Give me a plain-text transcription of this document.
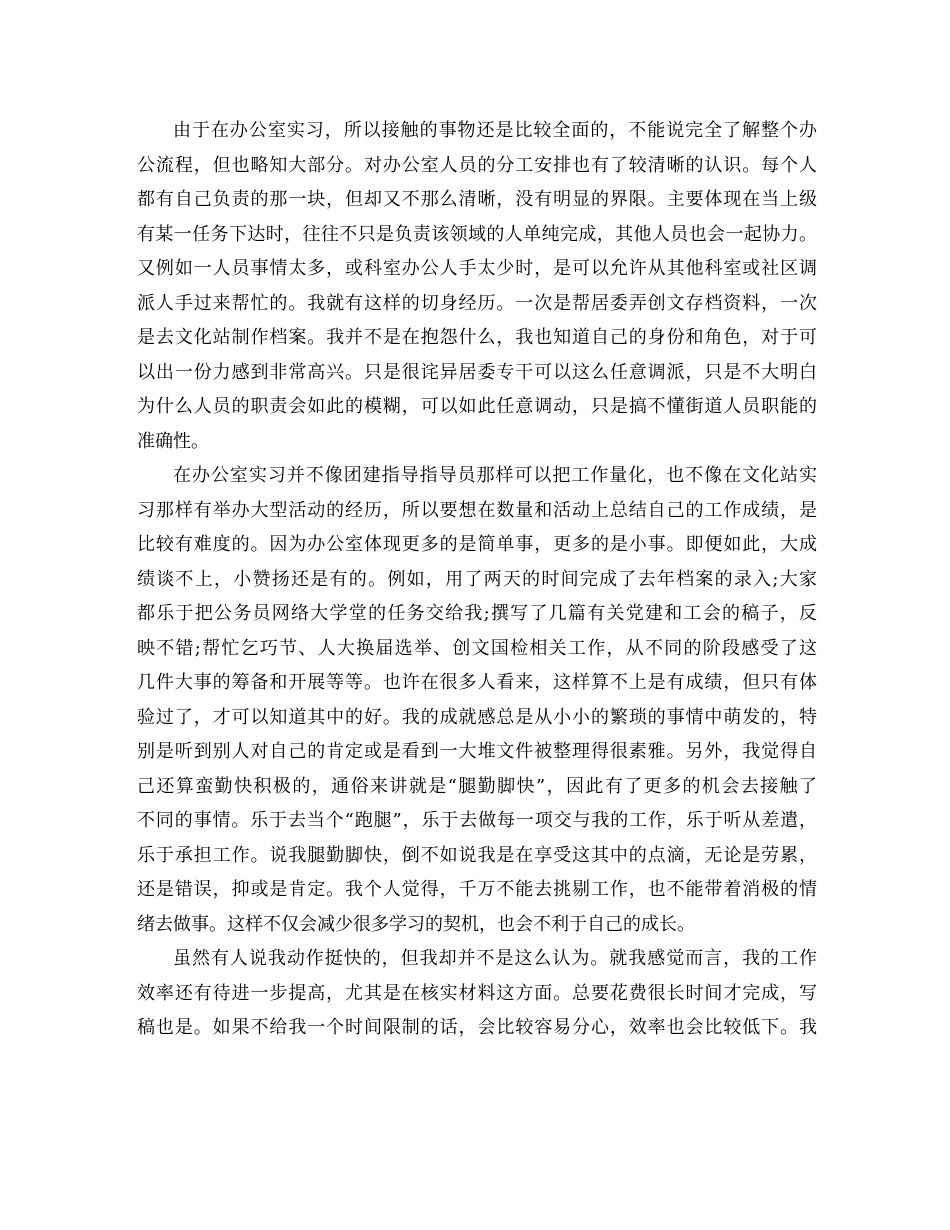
由于在办公室实习，所以接触的事物还是比较全面的，不能说完全了解整个办
公流程，但也略知大部分。对办公室人员的分工安排也有了较清晰的认识。每个人
都有自己负责的那一块，但却又不那么清晰，没有明显的界限。主要体现在当上级
有某一任务下达时，往往不只是负责该领域的人单纯完成，其他人员也会一起协力。
又例如一人员事情太多，或科室办公人手太少时，是可以允许从其他科室或社区调
派人手过来帮忙的。我就有这样的切身经历。一次是帮居委弄创文存档资料，一次
是去文化站制作档案。我并不是在抱怨什么，我也知道自己的身份和角色，对于可
以出一份力感到非常高兴。只是很诧异居委专干可以这么任意调派，只是不大明白
为什么人员的职责会如此的模糊，可以如此任意调动，只是搞不懂街道人员职能的
准确性。
在办公室实习并不像团建指导指导员那样可以把工作量化，也不像在文化站实
习那样有举办大型活动的经历，所以要想在数量和活动上总结自己的工作成绩，是
比较有难度的。因为办公室体现更多的是简单事，更多的是小事。即便如此，大成
绩谈不上，小赞扬还是有的。例如，用了两天的时间完成了去年档案的录入;大家
都乐于把公务员网络大学堂的任务交给我;撰写了几篇有关党建和工会的稿子，反
映不错;帮忙乞巧节、人大换届选举、创文国检相关工作，从不同的阶段感受了这
几件大事的筹备和开展等等。也许在很多人看来，这样算不上是有成绩，但只有体
验过了，才可以知道其中的好。我的成就感总是从小小的繁琐的事情中萌发的，特
别是听到别人对自己的肯定或是看到一大堆文件被整理得很素雅。另外，我觉得自
己还算蛮勤快积极的，通俗来讲就是“腿勤脚快”，因此有了更多的机会去接触了
不同的事情。乐于去当个“跑腿”，乐于去做每一项交与我的工作，乐于听从差遣，
乐于承担工作。说我腿勤脚快，倒不如说我是在享受这其中的点滴，无论是劳累，
还是错误，抑或是肯定。我个人觉得，千万不能去挑剔工作，也不能带着消极的情
绪去做事。这样不仅会减少很多学习的契机，也会不利于自己的成长。
虽然有人说我动作挺快的，但我却并不是这么认为。就我感觉而言，我的工作
效率还有待进一步提高，尤其是在核实材料这方面。总要花费很长时间才完成，写
稿也是。如果不给我一个时间限制的话，会比较容易分心，效率也会比较低下。我
